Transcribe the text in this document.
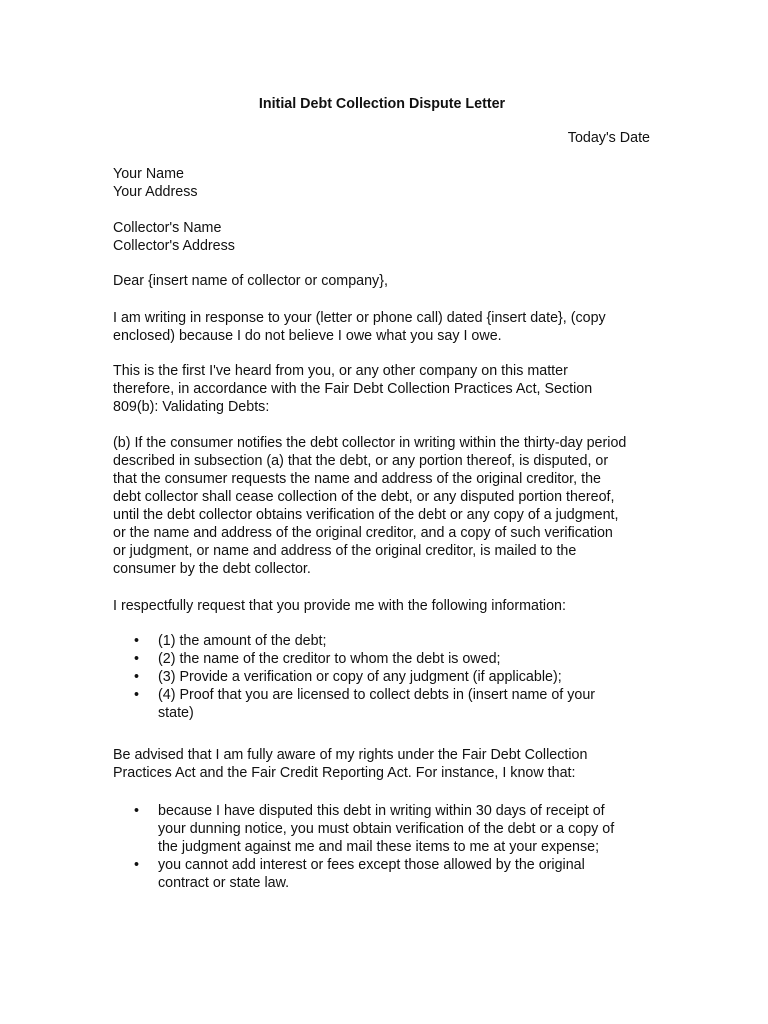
Initial Debt Collection Dispute Letter
Today's Date
Your Name
Your Address
Collector's Name
Collector's Address
Dear {insert name of collector or company},
I am writing in response to your (letter or phone call) dated {insert date}, (copy
enclosed) because I do not believe I owe what you say I owe.
This is the first I've heard from you, or any other company on this matter
therefore, in accordance with the Fair Debt Collection Practices Act, Section
809(b): Validating Debts:
(b) If the consumer notifies the debt collector in writing within the thirty-day period
described in subsection (a) that the debt, or any portion thereof, is disputed, or
that the consumer requests the name and address of the original creditor, the
debt collector shall cease collection of the debt, or any disputed portion thereof,
until the debt collector obtains verification of the debt or any copy of a judgment,
or the name and address of the original creditor, and a copy of such verification
or judgment, or name and address of the original creditor, is mailed to the
consumer by the debt collector.
I respectfully request that you provide me with the following information:
• (1) the amount of the debt;
• (2) the name of the creditor to whom the debt is owed;
• (3) Provide a verification or copy of any judgment (if applicable);
• (4) Proof that you are licensed to collect debts in (insert name of your
state)
Be advised that I am fully aware of my rights under the Fair Debt Collection
Practices Act and the Fair Credit Reporting Act. For instance, I know that:
• because I have disputed this debt in writing within 30 days of receipt of
your dunning notice, you must obtain verification of the debt or a copy of
the judgment against me and mail these items to me at your expense;
• you cannot add interest or fees except those allowed by the original
contract or state law.
